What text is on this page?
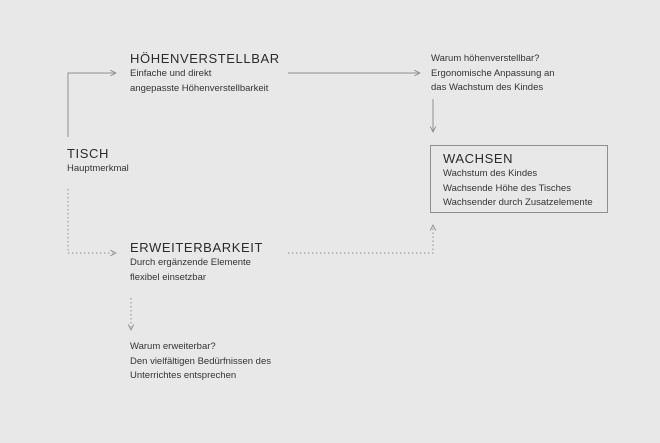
TISCH
Hauptmerkmal
HÖHENVERSTELLBAR
Einfache und direkt
angepasste Höhenverstellbarkeit
Warum höhenverstellbar?
Ergonomische Anpassung an
das Wachstum des Kindes
WACHSEN
Wachstum des Kindes
Wachsende Höhe des Tisches
Wachsender durch Zusatzelemente
ERWEITERBARKEIT
Durch ergänzende Elemente
flexibel einsetzbar
Warum erweiterbar?
Den vielfältigen Bedürfnissen des
Unterrichtes entsprechen
